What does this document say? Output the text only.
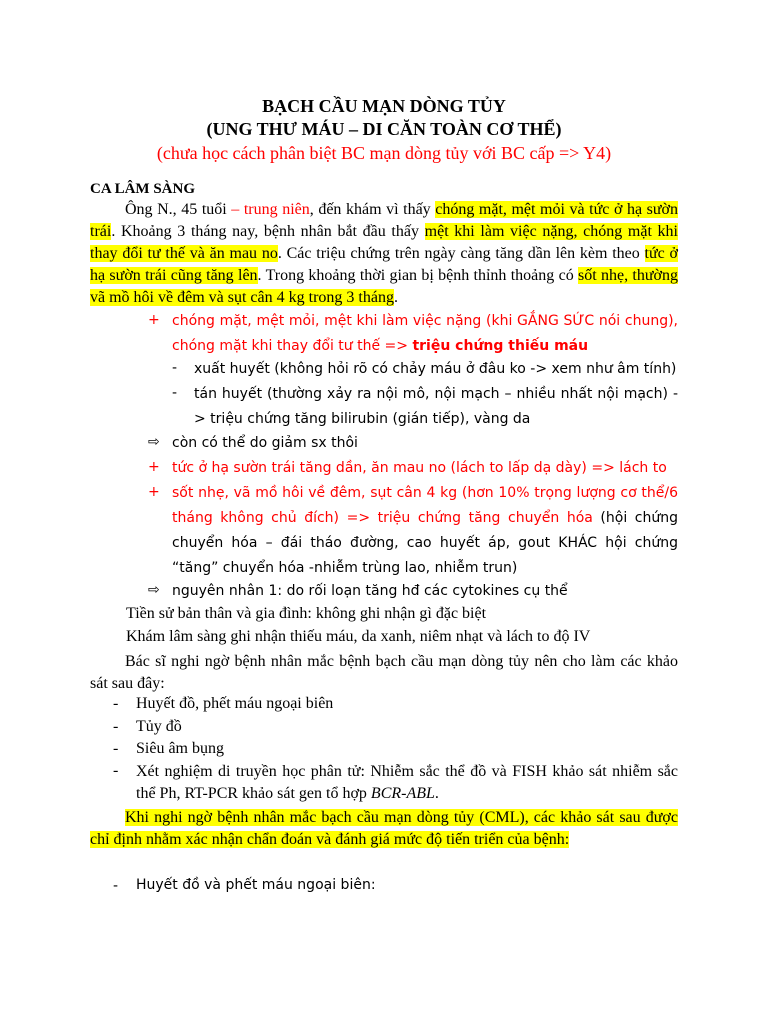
BẠCH CẦU MẠN DÒNG TỦY
(UNG THƯ MÁU – DI CĂN TOÀN CƠ THỂ)
(chưa học cách phân biệt BC mạn dòng tủy với BC cấp => Y4)
CA LÂM SÀNG
Ông N., 45 tuổi – trung niên, đến khám vì thấy chóng mặt, mệt mỏi và tức ở hạ sườn trái. Khoảng 3 tháng nay, bệnh nhân bắt đầu thấy mệt khi làm việc nặng, chóng mặt khi thay đổi tư thế và ăn mau no. Các triệu chứng trên ngày càng tăng dần lên kèm theo tức ở hạ sườn trái cũng tăng lên. Trong khoảng thời gian bị bệnh thỉnh thoảng có sốt nhẹ, thường vã mồ hôi về đêm và sụt cân 4 kg trong 3 tháng.
+ chóng mặt, mệt mỏi, mệt khi làm việc nặng (khi GẮNG SỨC nói chung), chóng mặt khi thay đổi tư thế => triệu chứng thiếu máu
- xuất huyết (không hỏi rõ có chảy máu ở đâu ko -> xem như âm tính)
- tán huyết (thường xảy ra nội mô, nội mạch – nhiều nhất nội mạch) -> triệu chứng tăng bilirubin (gián tiếp), vàng da
⇨ còn có thể do giảm sx thôi
+ tức ở hạ sườn trái tăng dần, ăn mau no (lách to lấp dạ dày) => lách to
+ sốt nhẹ, vã mồ hôi về đêm, sụt cân 4 kg (hơn 10% trọng lượng cơ thể/6 tháng không chủ đích) => triệu chứng tăng chuyển hóa (hội chứng chuyển hóa – đái tháo đường, cao huyết áp, gout KHÁC hội chứng “tăng” chuyển hóa -nhiễm trùng lao, nhiễm trun)
⇨ nguyên nhân 1: do rối loạn tăng hđ các cytokines cụ thể
Tiền sử bản thân và gia đình: không ghi nhận gì đặc biệt
Khám lâm sàng ghi nhận thiếu máu, da xanh, niêm nhạt và lách to độ IV
Bác sĩ nghi ngờ bệnh nhân mắc bệnh bạch cầu mạn dòng tủy nên cho làm các khảo sát sau đây:
- Huyết đồ, phết máu ngoại biên
- Tủy đồ
- Siêu âm bụng
- Xét nghiệm di truyền học phân tử: Nhiễm sắc thể đồ và FISH khảo sát nhiễm sắc thể Ph, RT-PCR khảo sát gen tổ hợp BCR-ABL.
Khi nghi ngờ bệnh nhân mắc bạch cầu mạn dòng tủy (CML), các khảo sát sau được chỉ định nhằm xác nhận chẩn đoán và đánh giá mức độ tiến triển của bệnh:
- Huyết đồ và phết máu ngoại biên:
